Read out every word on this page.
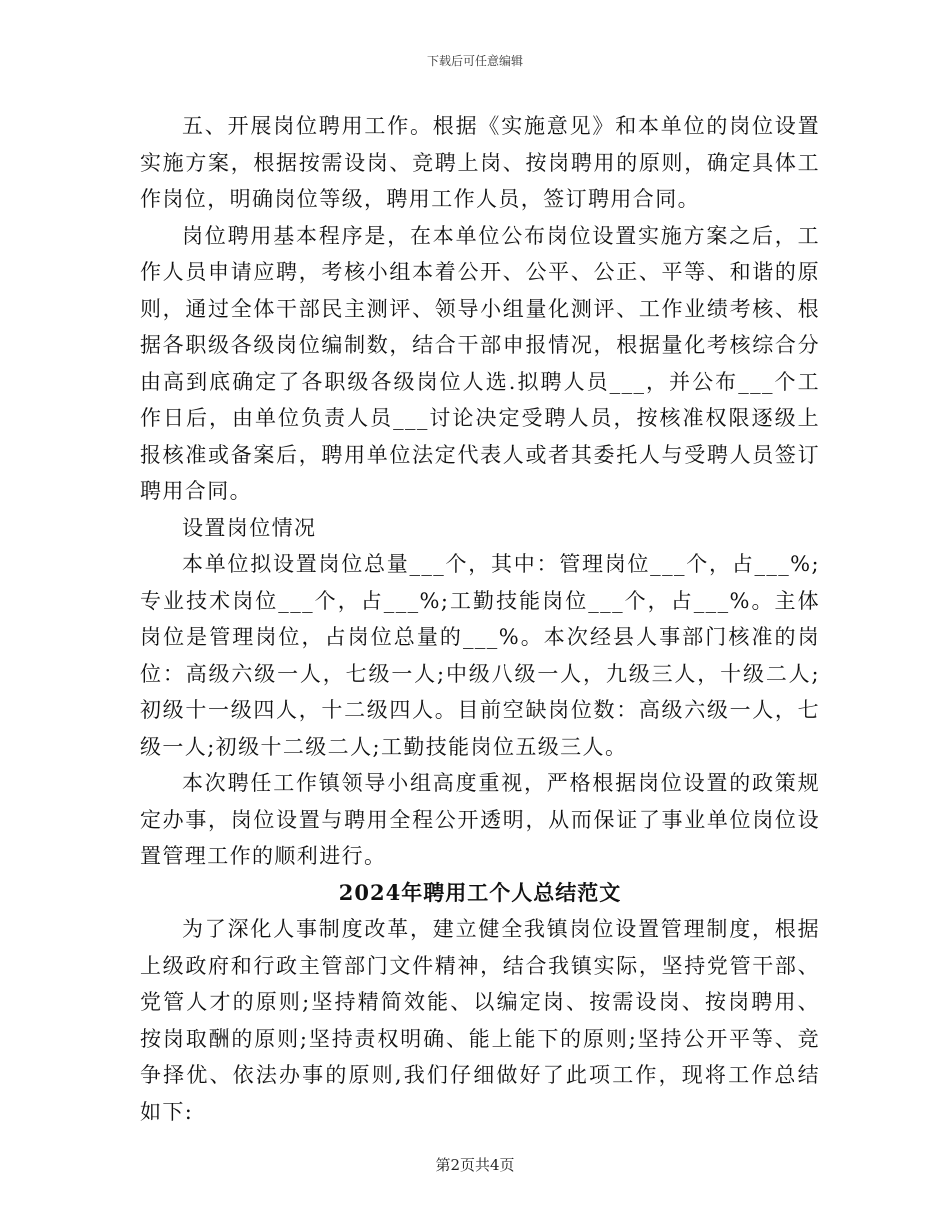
下载后可任意编辑

五、开展岗位聘用工作。根据《实施意见》和本单位的岗位设置实施方案，根据按需设岗、竞聘上岗、按岗聘用的原则，确定具体工作岗位，明确岗位等级，聘用工作人员，签订聘用合同。

岗位聘用基本程序是，在本单位公布岗位设置实施方案之后，工作人员申请应聘，考核小组本着公开、公平、公正、平等、和谐的原则，通过全体干部民主测评、领导小组量化测评、工作业绩考核、根据各职级各级岗位编制数，结合干部申报情况，根据量化考核综合分由高到底确定了各职级各级岗位人选.拟聘人员___，并公布___个工作日后，由单位负责人员___讨论决定受聘人员，按核准权限逐级上报核准或备案后，聘用单位法定代表人或者其委托人与受聘人员签订聘用合同。

设置岗位情况

本单位拟设置岗位总量___个，其中：管理岗位___个，占___%;专业技术岗位___个，占___%;工勤技能岗位___个，占___%。主体岗位是管理岗位，占岗位总量的___%。本次经县人事部门核准的岗位：高级六级一人，七级一人;中级八级一人，九级三人，十级二人;初级十一级四人，十二级四人。目前空缺岗位数：高级六级一人，七级一人;初级十二级二人;工勤技能岗位五级三人。

本次聘任工作镇领导小组高度重视，严格根据岗位设置的政策规定办事，岗位设置与聘用全程公开透明，从而保证了事业单位岗位设置管理工作的顺利进行。

2024年聘用工个人总结范文

为了深化人事制度改革，建立健全我镇岗位设置管理制度，根据上级政府和行政主管部门文件精神，结合我镇实际，坚持党管干部、党管人才的原则;坚持精简效能、以编定岗、按需设岗、按岗聘用、按岗取酬的原则;坚持责权明确、能上能下的原则;坚持公开平等、竞争择优、依法办事的原则,我们仔细做好了此项工作，现将工作总结如下:

第2页共4页
